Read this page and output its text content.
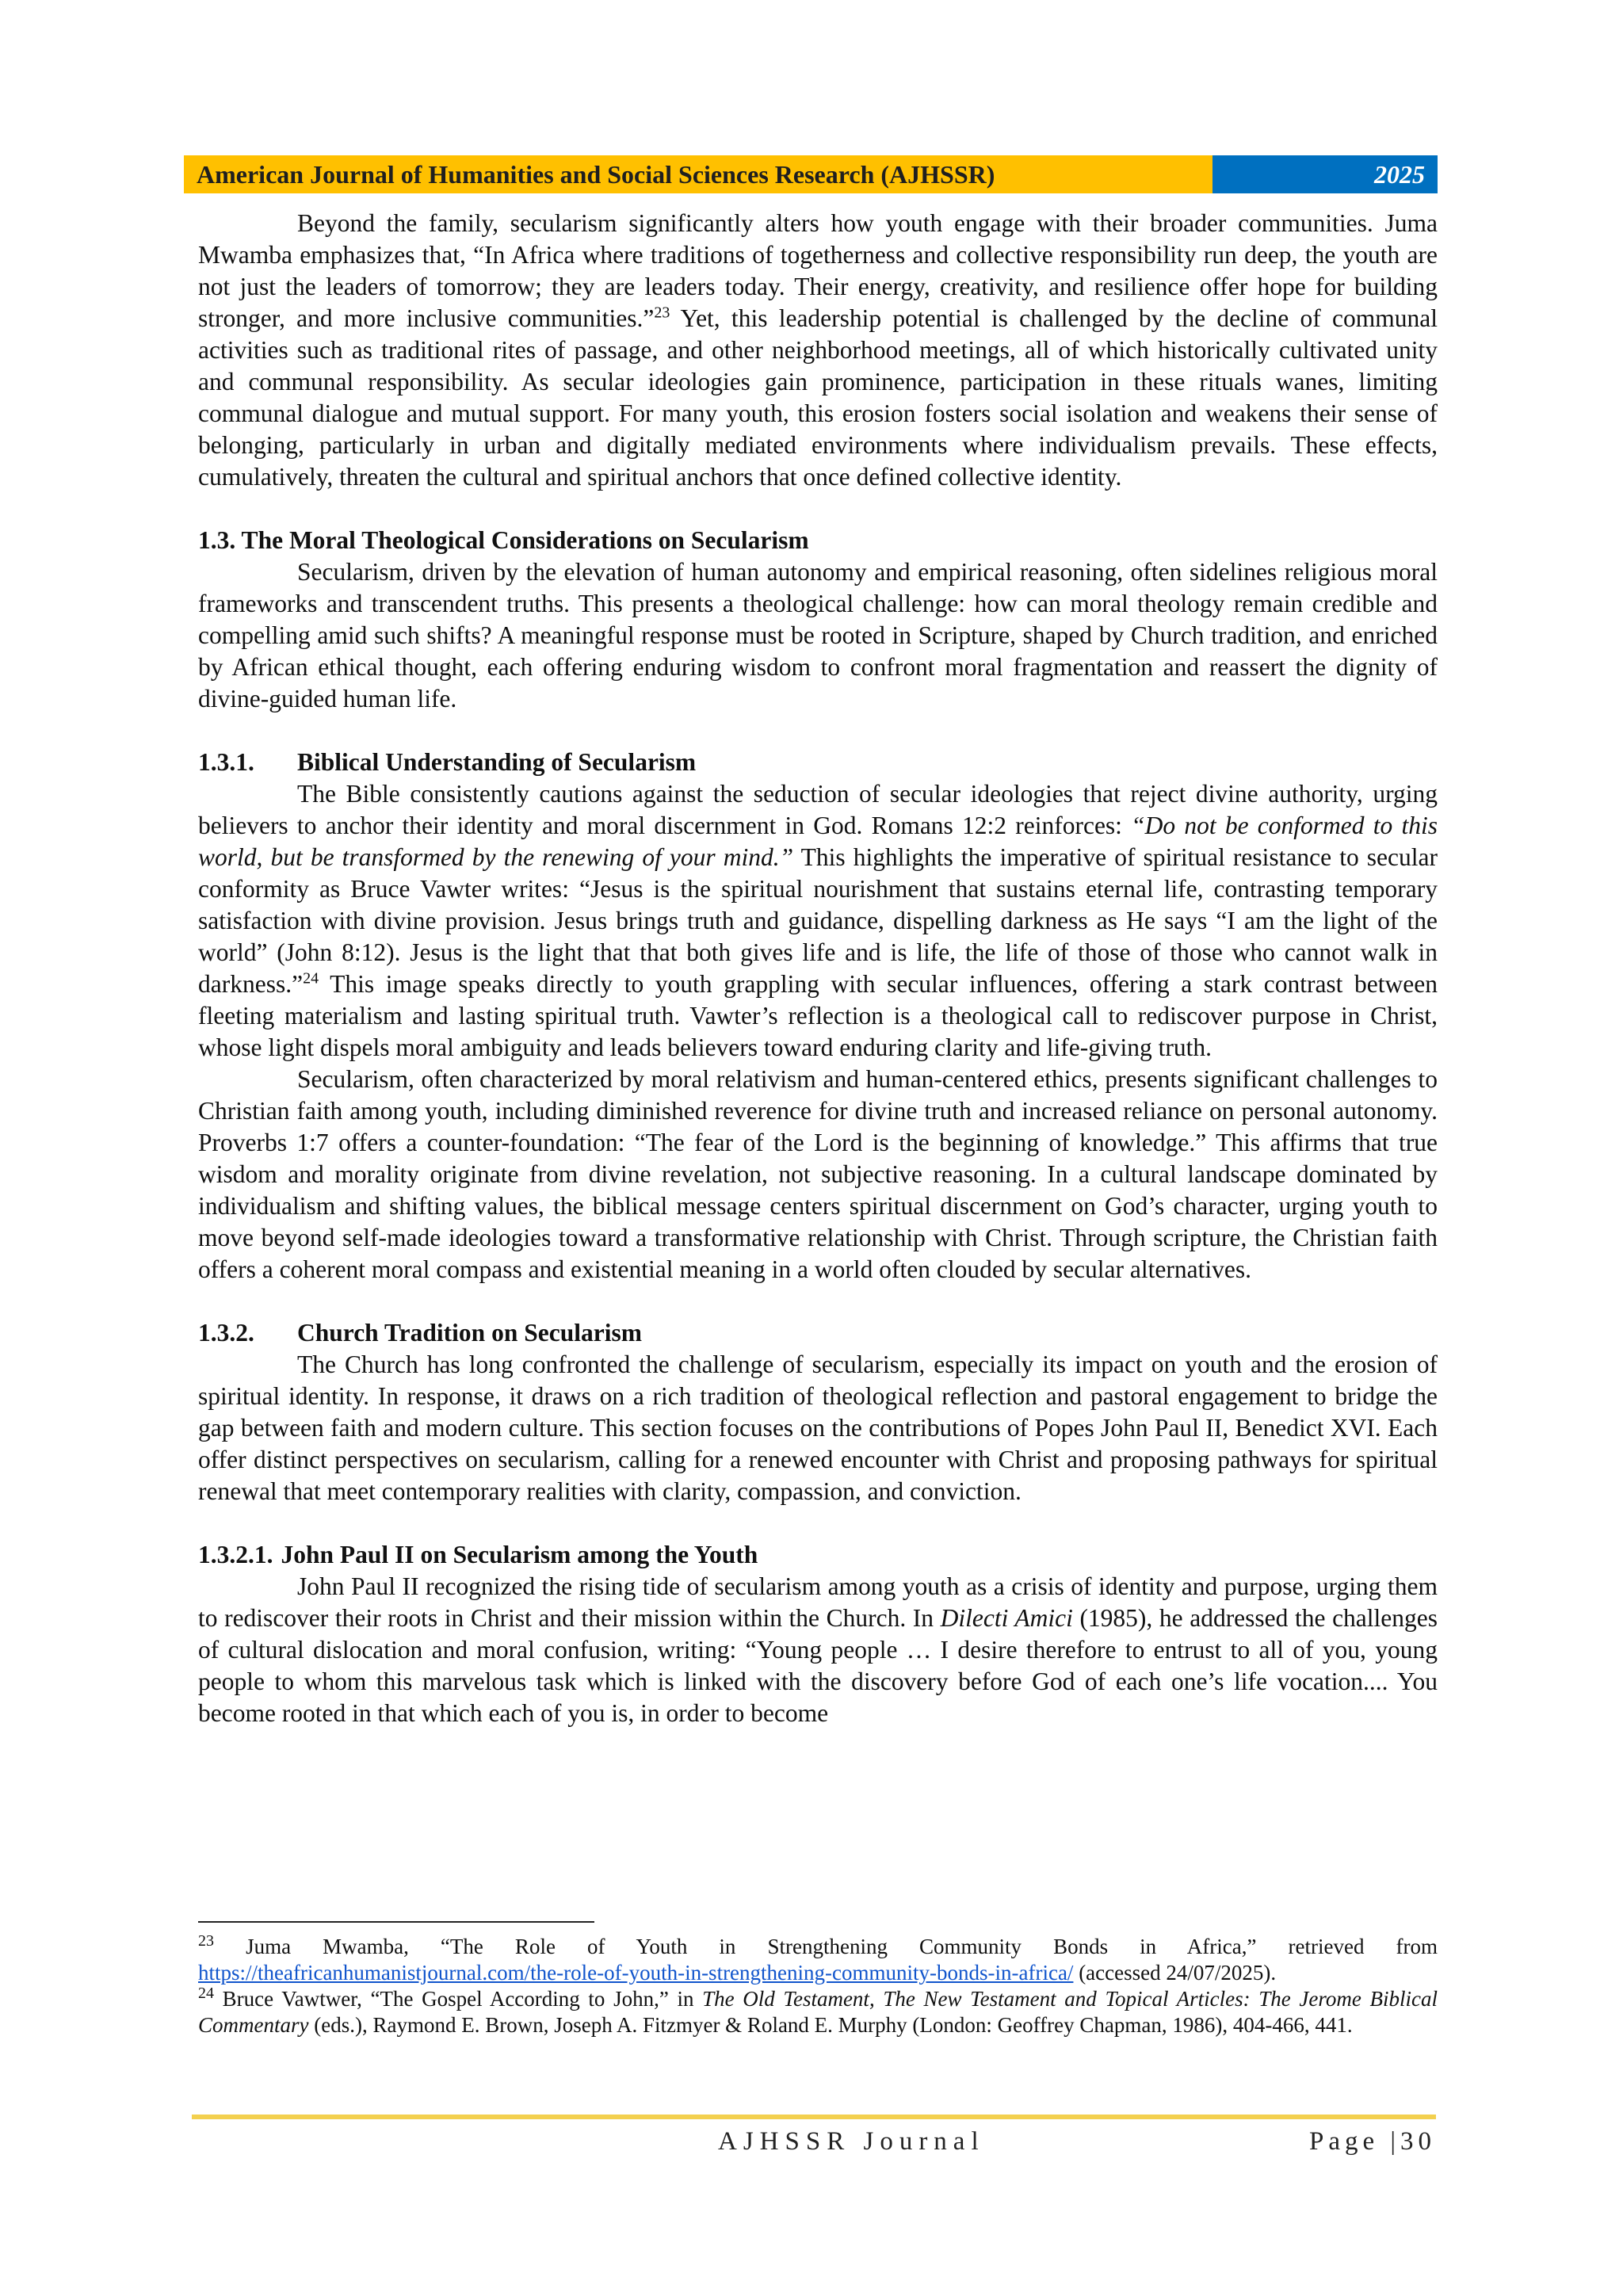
American Journal of Humanities and Social Sciences Research (AJHSSR)	2025

Beyond the family, secularism significantly alters how youth engage with their broader communities. Juma Mwamba emphasizes that, “In Africa where traditions of togetherness and collective responsibility run deep, the youth are not just the leaders of tomorrow; they are leaders today. Their energy, creativity, and resilience offer hope for building stronger, and more inclusive communities.”$^{23}$ Yet, this leadership potential is challenged by the decline of communal activities such as traditional rites of passage, and other neighborhood meetings, all of which historically cultivated unity and communal responsibility. As secular ideologies gain prominence, participation in these rituals wanes, limiting communal dialogue and mutual support. For many youth, this erosion fosters social isolation and weakens their sense of belonging, particularly in urban and digitally mediated environments where individualism prevails. These effects, cumulatively, threaten the cultural and spiritual anchors that once defined collective identity.

1.3. The Moral Theological Considerations on Secularism

Secularism, driven by the elevation of human autonomy and empirical reasoning, often sidelines religious moral frameworks and transcendent truths. This presents a theological challenge: how can moral theology remain credible and compelling amid such shifts? A meaningful response must be rooted in Scripture, shaped by Church tradition, and enriched by African ethical thought, each offering enduring wisdom to confront moral fragmentation and reassert the dignity of divine-guided human life.

1.3.1. Biblical Understanding of Secularism

The Bible consistently cautions against the seduction of secular ideologies that reject divine authority, urging believers to anchor their identity and moral discernment in God. Romans 12:2 reinforces: “Do not be conformed to this world, but be transformed by the renewing of your mind.” This highlights the imperative of spiritual resistance to secular conformity as Bruce Vawter writes: “Jesus is the spiritual nourishment that sustains eternal life, contrasting temporary satisfaction with divine provision. Jesus brings truth and guidance, dispelling darkness as He says “I am the light of the world” (John 8:12). Jesus is the light that that both gives life and is life, the life of those of those who cannot walk in darkness.”$^{24}$ This image speaks directly to youth grappling with secular influences, offering a stark contrast between fleeting materialism and lasting spiritual truth. Vawter’s reflection is a theological call to rediscover purpose in Christ, whose light dispels moral ambiguity and leads believers toward enduring clarity and life-giving truth.

Secularism, often characterized by moral relativism and human-centered ethics, presents significant challenges to Christian faith among youth, including diminished reverence for divine truth and increased reliance on personal autonomy. Proverbs 1:7 offers a counter-foundation: “The fear of the Lord is the beginning of knowledge.” This affirms that true wisdom and morality originate from divine revelation, not subjective reasoning. In a cultural landscape dominated by individualism and shifting values, the biblical message centers spiritual discernment on God’s character, urging youth to move beyond self-made ideologies toward a transformative relationship with Christ. Through scripture, the Christian faith offers a coherent moral compass and existential meaning in a world often clouded by secular alternatives.

1.3.2. Church Tradition on Secularism

The Church has long confronted the challenge of secularism, especially its impact on youth and the erosion of spiritual identity. In response, it draws on a rich tradition of theological reflection and pastoral engagement to bridge the gap between faith and modern culture. This section focuses on the contributions of Popes John Paul II, Benedict XVI. Each offer distinct perspectives on secularism, calling for a renewed encounter with Christ and proposing pathways for spiritual renewal that meet contemporary realities with clarity, compassion, and conviction.

1.3.2.1. John Paul II on Secularism among the Youth

John Paul II recognized the rising tide of secularism among youth as a crisis of identity and purpose, urging them to rediscover their roots in Christ and their mission within the Church. In Dilecti Amici (1985), he addressed the challenges of cultural dislocation and moral confusion, writing: “Young people … I desire therefore to entrust to all of you, young people to whom this marvelous task which is linked with the discovery before God of each one’s life vocation.... You become rooted in that which each of you is, in order to become

$^{23}$ Juma Mwamba, “The Role of Youth in Strengthening Community Bonds in Africa,” retrieved from https://theafricanhumanistjournal.com/the-role-of-youth-in-strengthening-community-bonds-in-africa/ (accessed 24/07/2025).

$^{24}$ Bruce Vawtwer, “The Gospel According to John,” in The Old Testament, The New Testament and Topical Articles: The Jerome Biblical Commentary (eds.), Raymond E. Brown, Joseph A. Fitzmyer & Roland E. Murphy (London: Geoffrey Chapman, 1986), 404-466, 441.

AJHSSR Journal	Page |30
